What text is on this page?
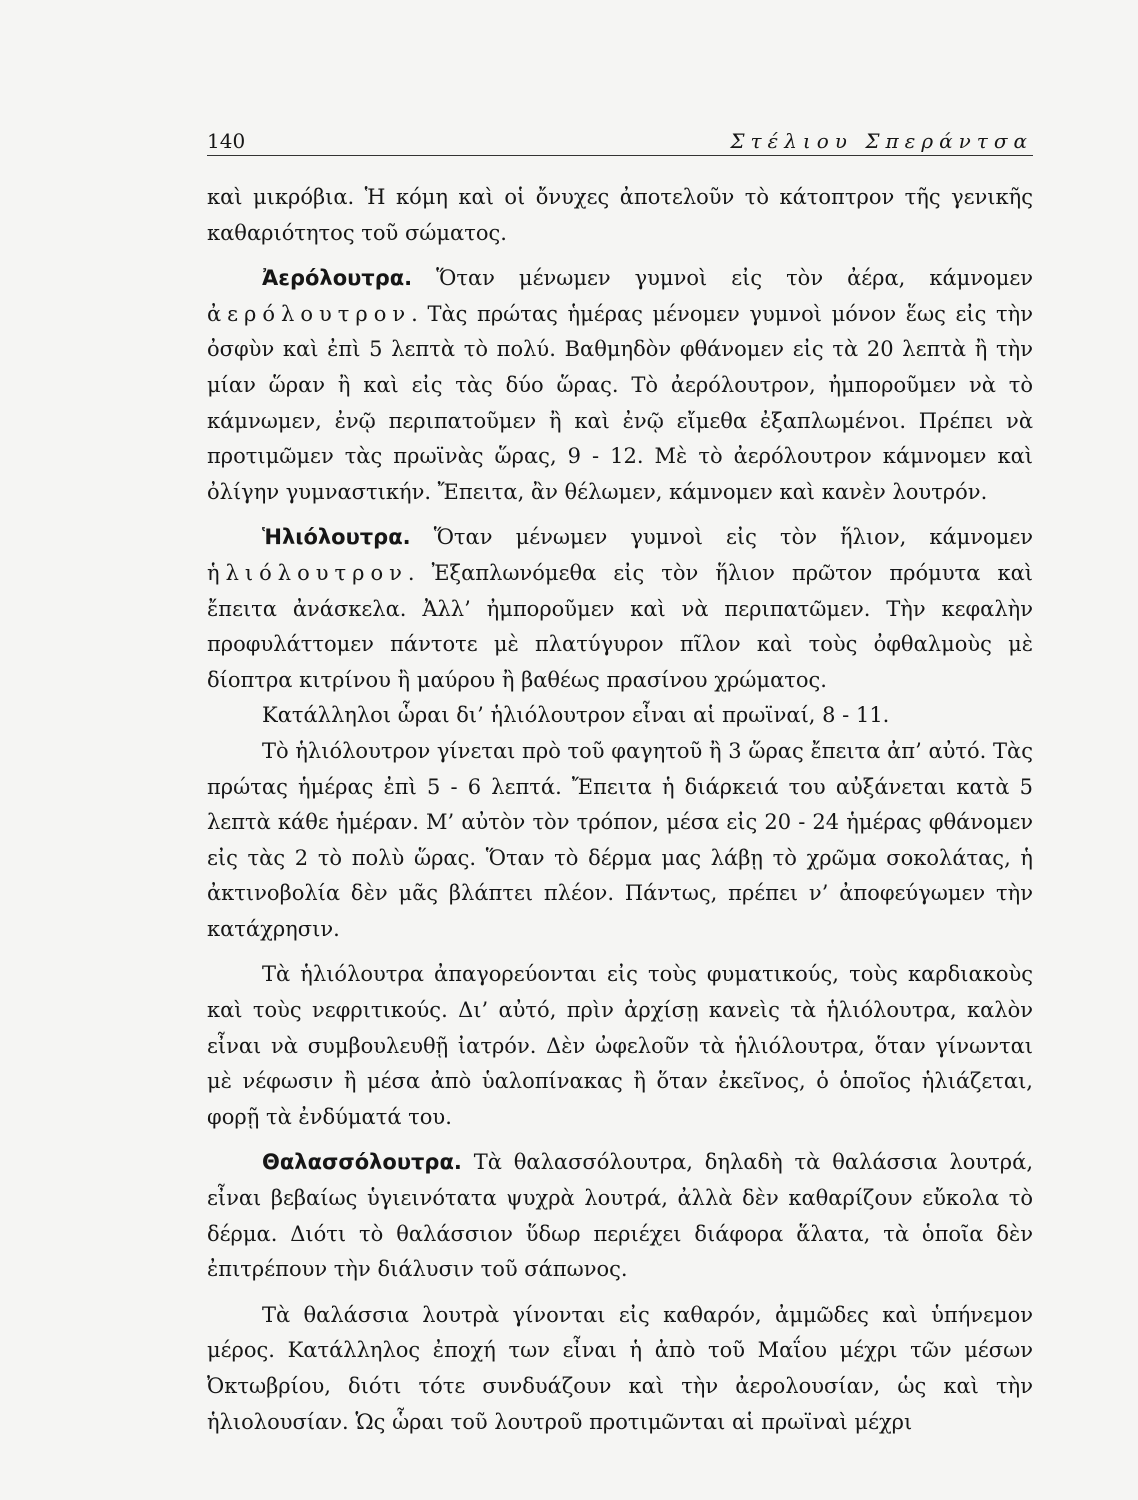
140	Στέλιου Σπεράντσα

καὶ μικρόβια. Ἡ κόμη καὶ οἱ ὄνυχες ἀποτελοῦν τὸ κάτοπτρον τῆς γενικῆς καθαριότητος τοῦ σώματος.

Ἀερόλουτρα. Ὅταν μένωμεν γυμνοὶ εἰς τὸν ἀέρα, κάμνομεν ἀερόλουτρον. Τὰς πρώτας ἡμέρας μένομεν γυμνοὶ μόνον ἕως εἰς τὴν ὀσφὺν καὶ ἐπὶ 5 λεπτὰ τὸ πολύ. Βαθμηδὸν φθάνομεν εἰς τὰ 20 λεπτὰ ἢ τὴν μίαν ὥραν ἢ καὶ εἰς τὰς δύο ὥρας. Τὸ ἀερόλουτρον, ἠμποροῦμεν νὰ τὸ κάμνωμεν, ἐνῷ περιπατοῦμεν ἢ καὶ ἐνῷ εἴμεθα ἐξαπλωμένοι. Πρέπει νὰ προτιμῶμεν τὰς πρωϊνὰς ὥρας, 9 - 12. Μὲ τὸ ἀερόλουτρον κάμνομεν καὶ ὀλίγην γυμναστικήν. Ἔπειτα, ἂν θέλωμεν, κάμνομεν καὶ κανὲν λουτρόν.

Ἡλιόλουτρα. Ὅταν μένωμεν γυμνοὶ εἰς τὸν ἥλιον, κάμνομεν ἡλιόλουτρον. Ἐξαπλωνόμεθα εἰς τὸν ἥλιον πρῶτον πρόμυτα καὶ ἔπειτα ἀνάσκελα. Ἀλλ’ ἠμποροῦμεν καὶ νὰ περιπατῶμεν. Τὴν κεφαλὴν προφυλάττομεν πάντοτε μὲ πλατύγυρον πῖλον καὶ τοὺς ὀφθαλμοὺς μὲ δίοπτρα κιτρίνου ἢ μαύρου ἢ βαθέως πρασίνου χρώματος.

Κατάλληλοι ὧραι δι’ ἡλιόλουτρον εἶναι αἱ πρωϊναί, 8 - 11.

Τὸ ἡλιόλουτρον γίνεται πρὸ τοῦ φαγητοῦ ἢ 3 ὥρας ἔπειτα ἀπ’ αὐτό. Τὰς πρώτας ἡμέρας ἐπὶ 5 - 6 λεπτά. Ἔπειτα ἡ διάρκειά του αὐξάνεται κατὰ 5 λεπτὰ κάθε ἡμέραν. Μ’ αὐτὸν τὸν τρόπον, μέσα εἰς 20 - 24 ἡμέρας φθάνομεν εἰς τὰς 2 τὸ πολὺ ὥρας. Ὅταν τὸ δέρμα μας λάβῃ τὸ χρῶμα σοκολάτας, ἡ ἀκτινοβολία δὲν μᾶς βλάπτει πλέον. Πάντως, πρέπει ν’ ἀποφεύγωμεν τὴν κατάχρησιν.

Τὰ ἡλιόλουτρα ἀπαγορεύονται εἰς τοὺς φυματικούς, τοὺς καρδιακοὺς καὶ τοὺς νεφριτικούς. Δι’ αὐτό, πρὶν ἀρχίσῃ κανεὶς τὰ ἡλιόλουτρα, καλὸν εἶναι νὰ συμβουλευθῇ ἰατρόν. Δὲν ὠφελοῦν τὰ ἡλιόλουτρα, ὅταν γίνωνται μὲ νέφωσιν ἢ μέσα ἀπὸ ὑαλοπίνακας ἢ ὅταν ἐκεῖνος, ὁ ὁποῖος ἡλιάζεται, φορῇ τὰ ἐνδύματά του.

Θαλασσόλουτρα. Τὰ θαλασσόλουτρα, δηλαδὴ τὰ θαλάσσια λουτρά, εἶναι βεβαίως ὑγιεινότατα ψυχρὰ λουτρά, ἀλλὰ δὲν καθαρίζουν εὔκολα τὸ δέρμα. Διότι τὸ θαλάσσιον ὕδωρ περιέχει διάφορα ἅλατα, τὰ ὁποῖα δὲν ἐπιτρέπουν τὴν διάλυσιν τοῦ σάπωνος.

Τὰ θαλάσσια λουτρὰ γίνονται εἰς καθαρόν, ἀμμῶδες καὶ ὑπήνεμον μέρος. Κατάλληλος ἐποχή των εἶναι ἡ ἀπὸ τοῦ Μαΐου μέχρι τῶν μέσων Ὀκτωβρίου, διότι τότε συνδυάζουν καὶ τὴν ἀερολουσίαν, ὡς καὶ τὴν ἡλιολουσίαν. Ὡς ὧραι τοῦ λουτροῦ προτιμῶνται αἱ πρωϊναὶ μέχρι
